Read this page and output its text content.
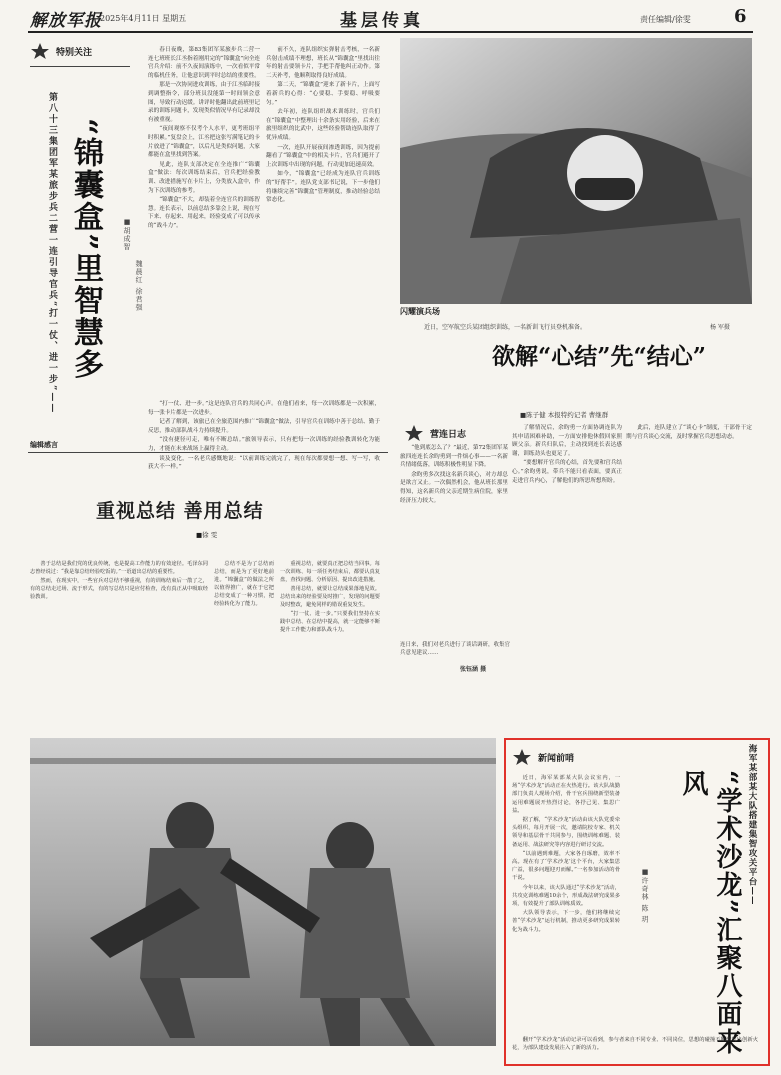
解放军报
2025年4月11日 星期五	基层传真	责任编辑/徐雯 6
特别关注
第八十三集团军某旅步兵二营一连引导官兵“打一仗、进一步”—— “锦囊盒”里智慧多
■胡成智
魏晨红 徐君强

春日夜晚，第83集团军某旅步兵二营一连七班班长江丞指着刚用完的“锦囊盒”向全连官兵介绍：前不久夜间演练中，一次看似平常的临机任务，让他意识到平时总结的重要性。

那是一次协同进攻训练，由于江丞临时接到调整指令，部分班员没能第一时间领会意图，导致行动迟缓。讲评时他翻出此前班里记录的训练问题卡，发现类似情况早有记录却没有被重视。

“夜间观察不仅考个人水平，更考班组平时积累。”复盘会上，江丞把这张写满笔记的卡片放进了“锦囊盒”，以后凡是类似问题，大家都能在盒里找到答案。

见此，连队支部决定在全连推广“锦囊盒”做法：每次训练结束后，官兵把经验教训、改进措施写在卡片上，分类放入盒中，作为下次训练的参考。

“锦囊盒”不大，却装着全连官兵的训练智慧。连长表示，以前总结多靠会上说，现在写下来、存起来、用起来，经验变成了可以传承的“战斗力”。

前不久，连队组织实弹射击考核，一名新兵射击成绩不理想，班长从“锦囊盒”里找出往年的射击要领卡片，手把手帮他纠正动作。第二天补考，他顺利取得良好成绩。

第二天，“锦囊盒”迎来了新卡片，上面写着新兵的心得：“心要稳、手要稳、呼吸要匀。”

去年初，连队组织战术训练时，官兵们在“锦囊盒”中整理出十余条实用经验，后来在旅里组织的比武中，这些经验帮助连队取得了优异成绩。

一次，连队开展夜间渗透训练，因为提前翻看了“锦囊盒”中的相关卡片，官兵们避开了上次训练中出现的问题，行动更加迅速高效。

如今，“锦囊盒”已经成为连队官兵训练的“好帮手”。连队党支部书记说，下一步他们将继续完善“锦囊盒”管理制度，推动经验总结常态化。

编辑感言
闪耀演兵场
近日，空军航空兵某团组织训练，一名新训飞行员登机准备。	杨 军摄
欲解“心结”先“结心”
■陈子健 本报特约记者 曹继群
营连日志

“他到底怎么了？”最近，第72集团军某旅四连连长余昀勇到一件烦心事——一名新兵情绪低落，训练积极性明显下降。

余昀勇多次找这名新兵谈心，对方却总是欲言又止。一次偶然机会，他从班长那里得知，这名新兵的父亲近期生病住院，家里经济压力较大。

了解情况后，余昀勇一方面协调连队为其申请困难补助，一方面安排他休假回家照顾父亲。新兵归队后，主动找到连长表达感谢，训练劲头也更足了。

“要想解开官兵的心结，首先要和官兵结心。”余昀勇说，带兵不能只看表面，要真正走进官兵内心，了解他们的所思所想所盼。

此后，连队建立了“谈心卡”制度，干部骨干定期与官兵谈心交流，及时掌握官兵思想动态。

连日来，我们对老兵进行了谈话调研，收集官兵意见建议……
张钰涵 摄
重视总结 善用总结
■徐 雯

善于总结是我们党的优良传统，也是提高工作能力的有效途径。毛泽东同志曾经说过：“我是靠总结经验吃饭的。”一语道出总结的重要性。

然而，在现实中，一些官兵对总结不够重视，有的训练结束后一散了之，有的总结走过场、流于形式，有的写总结只是应付检查，没有真正从中吸取经验教训。

总结不是为了总结而总结，而是为了更好地前进。“锦囊盒”的做法之所以值得推广，就在于它把总结变成了一种习惯，把经验转化为了能力。

重视总结，就要真正把总结当回事。每一次训练、每一项任务结束后，都要认真复盘，查找问题、分析原因、提出改进措施。

善用总结，就要让总结成果落地见效。总结出来的经验要及时推广，发现的问题要及时整改，避免同样的错误重复发生。

“打一仗、进一步。”只要我们坚持在实践中总结、在总结中提高，就一定能够不断提升工作能力和部队战斗力。

新闻前哨

近日，海军某部某大队会议室内，一场“学术沙龙”活动正在火热进行。该大队战勤部门负责人现场介绍，骨干官兵围绕新型装备运用难题展开热烈讨论，各抒己见、集思广益。

据了解，“学术沙龙”活动由该大队党委牵头组织，每月开展一次，邀请院校专家、机关领导和基层骨干共同参与，围绕训练难题、装备运用、战法研究等内容进行研讨交流。

“以前遇到难题，大家各自琢磨，效率不高。现在有了‘学术沙龙’这个平台，大家集思广益，很多问题迎刃而解。”一名参加活动的骨干说。

今年以来，该大队通过“学术沙龙”活动，共攻克训练难题10余个，形成战法研究成果多项，有效提升了部队训练质效。

大队领导表示，下一步，他们将继续完善“学术沙龙”运行机制，推动更多研究成果转化为战斗力。

海军某部某大队搭建集智攻关平台——
“学术沙龙”汇聚八面来风
■许奇林 陈 玥

翻开“学术沙龙”活动记录可以看到，参与者来自不同专业、不同岗位，思想的碰撞不断激发出创新火花，为部队建设发展注入了新的活力。

“打一仗、进一步。”这是连队官兵的共同心声。在他们看来，每一次训练都是一次积累，每一张卡片都是一次进步。

记者了解到，该旅已在全旅范围内推广“锦囊盒”做法，引导官兵在训练中善于总结、勤于反思，推动部队战斗力持续提升。

“没有捷径可走，唯有不断总结。”旅领导表示，只有把每一次训练的经验教训转化为能力，才能在未来战场上赢得主动。

谈及变化，一名老兵感慨地说：“以前训练完就完了，现在每次都要想一想、写一写，收获大不一样。”
